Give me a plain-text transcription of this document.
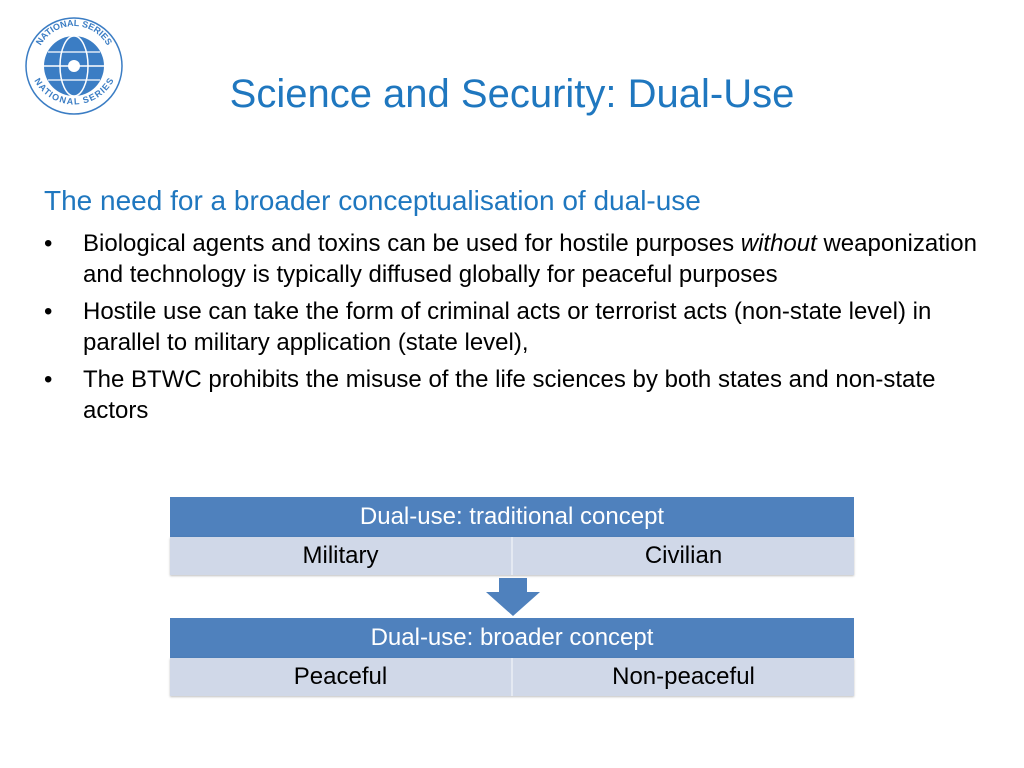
NATIONAL SERIES
NATIONAL SERIES	Science and Security: Dual-Use
The need for a broader conceptualisation of dual-use
• Biological agents and toxins can be used for hostile purposes without weaponization and technology is typically diffused globally for peaceful purposes
• Hostile use can take the form of criminal acts or terrorist acts (non-state level) in parallel to military application (state level),
• The BTWC prohibits the misuse of the life sciences by both states and non-state actors
Dual-use: traditional concept
Military	Civilian
Dual-use: broader concept
Peaceful	Non-peaceful
